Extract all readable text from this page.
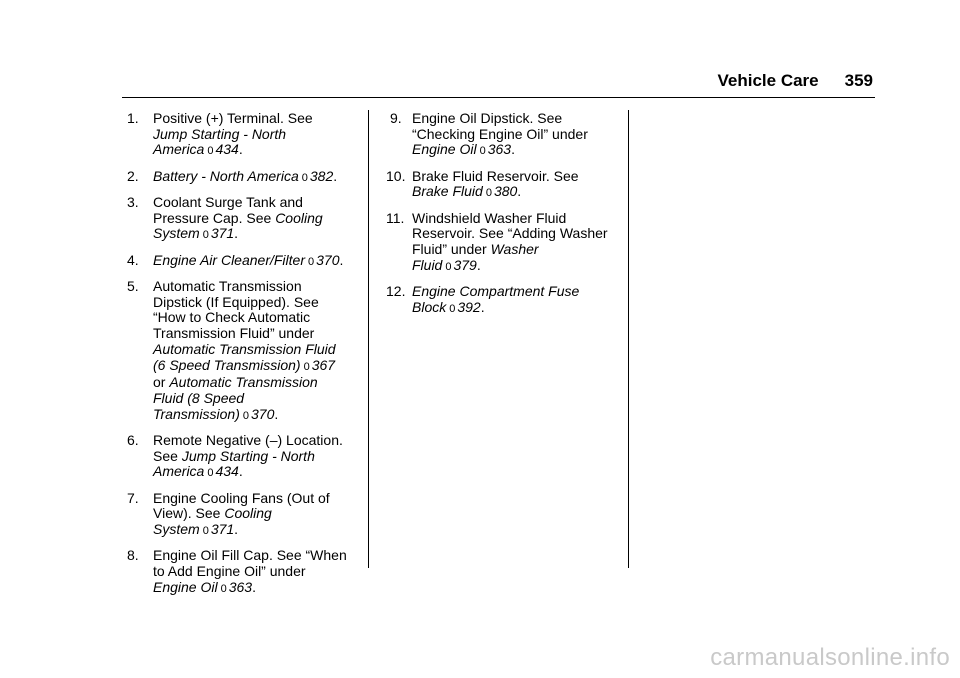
Vehicle Care 359
1. Positive (+) Terminal. See
Jump Starting - North
America 0 434.
2. Battery - North America 0 382.
3. Coolant Surge Tank and
Pressure Cap. See Cooling
System 0 371.
4. Engine Air Cleaner/Filter 0 370.
5. Automatic Transmission
Dipstick (If Equipped). See
“How to Check Automatic
Transmission Fluid” under
Automatic Transmission Fluid
(6 Speed Transmission) 0 367
or Automatic Transmission
Fluid (8 Speed
Transmission) 0 370.
6. Remote Negative (–) Location.
See Jump Starting - North
America 0 434.
7. Engine Cooling Fans (Out of
View). See Cooling
System 0 371.
8. Engine Oil Fill Cap. See “When
to Add Engine Oil” under
Engine Oil 0 363.
9. Engine Oil Dipstick. See
“Checking Engine Oil” under
Engine Oil 0 363.
10. Brake Fluid Reservoir. See
Brake Fluid 0 380.
11. Windshield Washer Fluid
Reservoir. See “Adding Washer
Fluid” under Washer
Fluid 0 379.
12. Engine Compartment Fuse
Block 0 392.
carmanualsonline.info
